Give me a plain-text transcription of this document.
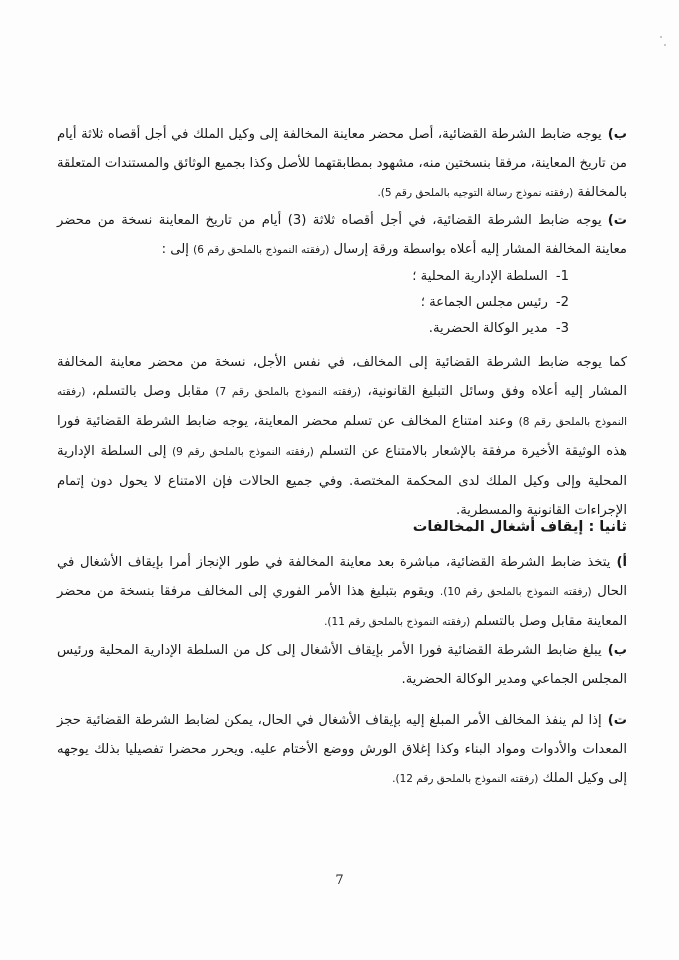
ب)يوجه ضابط الشرطة القضائية، أصل محضر معاينة المخالفة إلى وكيل الملك في أجل أقصاه ثلاثة أيام من تاريخ المعاينة، مرفقا بنسختين منه، مشهود بمطابقتهما للأصل وكذا بجميع الوثائق والمستندات المتعلقة بالمخالفة (رفقته نموذج رسالة التوجيه بالملحق رقم 5).

ت)يوجه ضابط الشرطة القضائية، في أجل أقصاه ثلاثة (3) أيام من تاريخ المعاينة نسخة من محضر معاينة المخالفة المشار إليه أعلاه بواسطة ورقة إرسال (رفقته النموذج بالملحق رقم 6) إلى :

1-السلطة الإدارية المحلية ؛
2-رئيس مجلس الجماعة ؛
3-مدير الوكالة الحضرية.

كما يوجه ضابط الشرطة القضائية إلى المخالف، في نفس الأجل، نسخة من محضر معاينة المخالفة المشار إليه أعلاه وفق وسائل التبليغ القانونية، (رفقته النموذج بالملحق رقم 7) مقابل وصل بالتسلم، (رفقته النموذج بالملحق رقم 8) وعند امتناع المخالف عن تسلم محضر المعاينة، يوجه ضابط الشرطة القضائية فورا هذه الوثيقة الأخيرة مرفقة بالإشعار بالامتناع عن التسلم (رفقته النموذج بالملحق رقم 9) إلى السلطة الإدارية المحلية وإلى وكيل الملك لدى المحكمة المختصة. وفي جميع الحالات فإن الامتناع لا يحول دون إتمام الإجراءات القانونية والمسطرية.

ثانيا : إيقاف أشغال المخالفات

أ)يتخذ ضابط الشرطة القضائية، مباشرة بعد معاينة المخالفة في طور الإنجاز أمرا بإيقاف الأشغال في الحال (رفقته النموذج بالملحق رقم 10). ويقوم بتبليغ هذا الأمر الفوري إلى المخالف مرفقا بنسخة من محضر المعاينة مقابل وصل بالتسلم (رفقته النموذج بالملحق رقم 11).

ب)يبلغ ضابط الشرطة القضائية فورا الأمر بإيقاف الأشغال إلى كل من السلطة الإدارية المحلية ورئيس المجلس الجماعي ومدير الوكالة الحضرية.

ت)إذا لم ينفذ المخالف الأمر المبلغ إليه بإيقاف الأشغال في الحال، يمكن لضابط الشرطة القضائية حجز المعدات والأدوات ومواد البناء وكذا إغلاق الورش ووضع الأختام عليه. ويحرر محضرا تفصيليا بذلك يوجهه إلى وكيل الملك (رفقته النموذج بالملحق رقم 12).

7
